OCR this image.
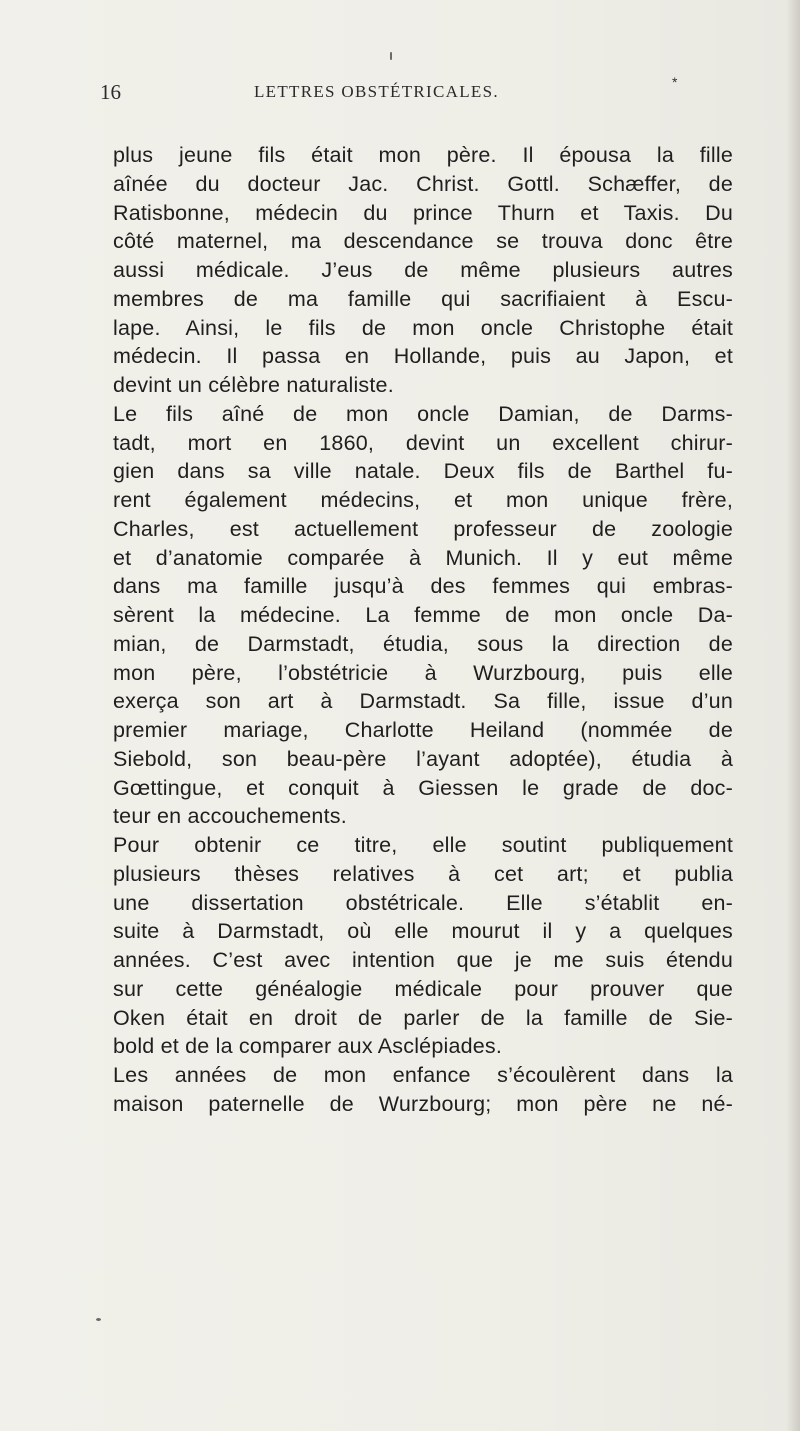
16	LETTRES OBSTÉTRICALES.	*
plus jeune fils était mon père. Il épousa la fille
aînée du docteur Jac. Christ. Gottl. Schæffer, de
Ratisbonne, médecin du prince Thurn et Taxis. Du
côté maternel, ma descendance se trouva donc être
aussi médicale. J’eus de même plusieurs autres
membres de ma famille qui sacrifiaient à Escu-
lape. Ainsi, le fils de mon oncle Christophe était
médecin. Il passa en Hollande, puis au Japon, et
devint un célèbre naturaliste.
Le fils aîné de mon oncle Damian, de Darms-
tadt, mort en 1860, devint un excellent chirur-
gien dans sa ville natale. Deux fils de Barthel fu-
rent également médecins, et mon unique frère,
Charles, est actuellement professeur de zoologie
et d’anatomie comparée à Munich. Il y eut même
dans ma famille jusqu’à des femmes qui embras-
sèrent la médecine. La femme de mon oncle Da-
mian, de Darmstadt, étudia, sous la direction de
mon père, l’obstétricie à Wurzbourg, puis elle
exerça son art à Darmstadt. Sa fille, issue d’un
premier mariage, Charlotte Heiland (nommée de
Siebold, son beau-père l’ayant adoptée), étudia à
Gœttingue, et conquit à Giessen le grade de doc-
teur en accouchements.
Pour obtenir ce titre, elle soutint publiquement
plusieurs thèses relatives à cet art; et publia
une dissertation obstétricale. Elle s’établit en-
suite à Darmstadt, où elle mourut il y a quelques
années. C’est avec intention que je me suis étendu
sur cette généalogie médicale pour prouver que
Oken était en droit de parler de la famille de Sie-
bold et de la comparer aux Asclépiades.
Les années de mon enfance s’écoulèrent dans la
maison paternelle de Wurzbourg; mon père ne né-
